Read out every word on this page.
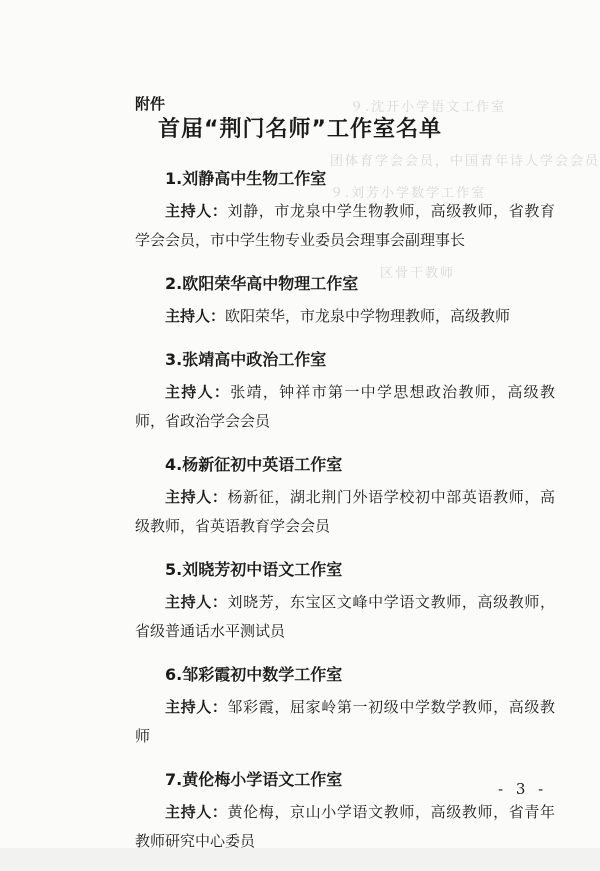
９.沈开小学语文工作室
团体育学会会员，中国青年诗人学会会员
９.刘芳小学数学工作室
区骨干教师
附件
首届“荆门名师”工作室名单
1.刘静高中生物工作室

主持人：刘静，市龙泉中学生物教师，高级教师，省教育学会会员，市中学生物专业委员会理事会副理事长

2.欧阳荣华高中物理工作室

主持人：欧阳荣华，市龙泉中学物理教师，高级教师

3.张靖高中政治工作室

主持人：张靖，钟祥市第一中学思想政治教师，高级教师，省政治学会会员

4.杨新征初中英语工作室

主持人：杨新征，湖北荆门外语学校初中部英语教师，高级教师，省英语教育学会会员

5.刘晓芳初中语文工作室

主持人：刘晓芳，东宝区文峰中学语文教师，高级教师，省级普通话水平测试员

6.邹彩霞初中数学工作室

主持人：邹彩霞，屈家岭第一初级中学数学教师，高级教师

7.黄伦梅小学语文工作室

主持人：黄伦梅，京山小学语文教师，高级教师，省青年教师研究中心委员

- 3 -
